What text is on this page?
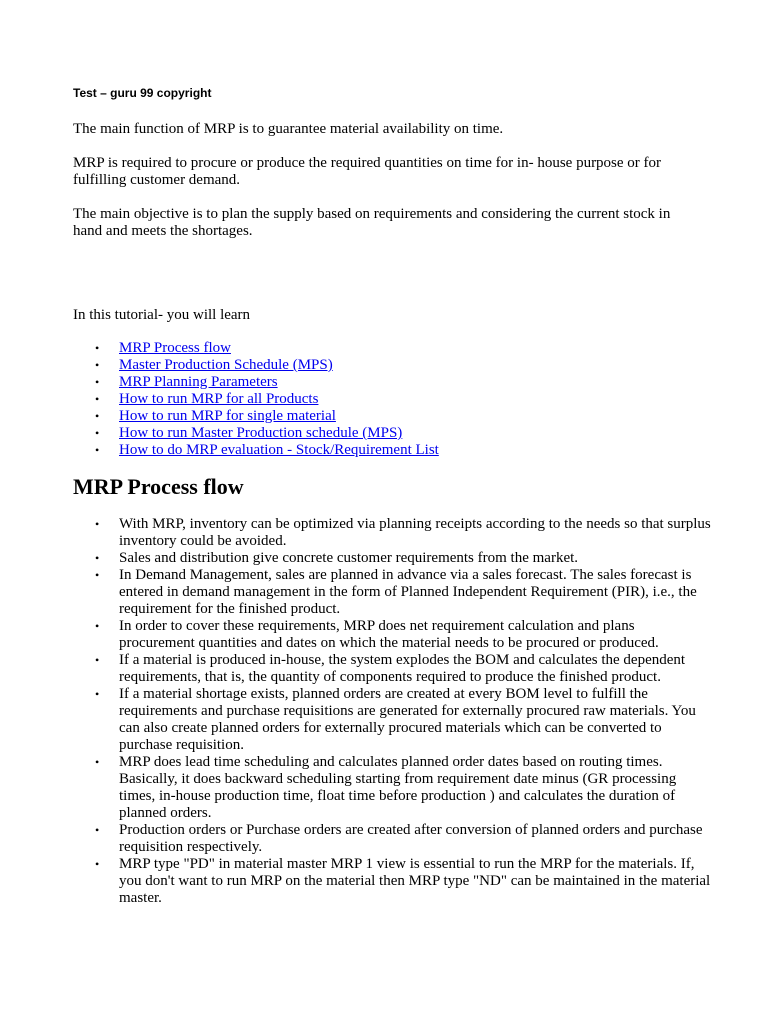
Test – guru 99 copyright

The main function of MRP is to guarantee material availability on time.

MRP is required to procure or produce the required quantities on time for in- house purpose or for fulfilling customer demand.

The main objective is to plan the supply based on requirements and considering the current stock in hand and meets the shortages.

In this tutorial- you will learn

• MRP Process flow
• Master Production Schedule (MPS)
• MRP Planning Parameters
• How to run MRP for all Products
• How to run MRP for single material
• How to run Master Production schedule (MPS)
• How to do MRP evaluation - Stock/Requirement List
MRP Process flow
• With MRP, inventory can be optimized via planning receipts according to the needs so that surplus inventory could be avoided.
• Sales and distribution give concrete customer requirements from the market.
• In Demand Management, sales are planned in advance via a sales forecast. The sales forecast is entered in demand management in the form of Planned Independent Requirement (PIR), i.e., the requirement for the finished product.
• In order to cover these requirements, MRP does net requirement calculation and plans procurement quantities and dates on which the material needs to be procured or produced.
• If a material is produced in-house, the system explodes the BOM and calculates the dependent requirements, that is, the quantity of components required to produce the finished product.
• If a material shortage exists, planned orders are created at every BOM level to fulfill the requirements and purchase requisitions are generated for externally procured raw materials. You can also create planned orders for externally procured materials which can be converted to purchase requisition.
• MRP does lead time scheduling and calculates planned order dates based on routing times. Basically, it does backward scheduling starting from requirement date minus (GR processing times, in-house production time, float time before production ) and calculates the duration of planned orders.
• Production orders or Purchase orders are created after conversion of planned orders and purchase requisition respectively.
• MRP type "PD" in material master MRP 1 view is essential to run the MRP for the materials. If, you don't want to run MRP on the material then MRP type "ND" can be maintained in the material master.
